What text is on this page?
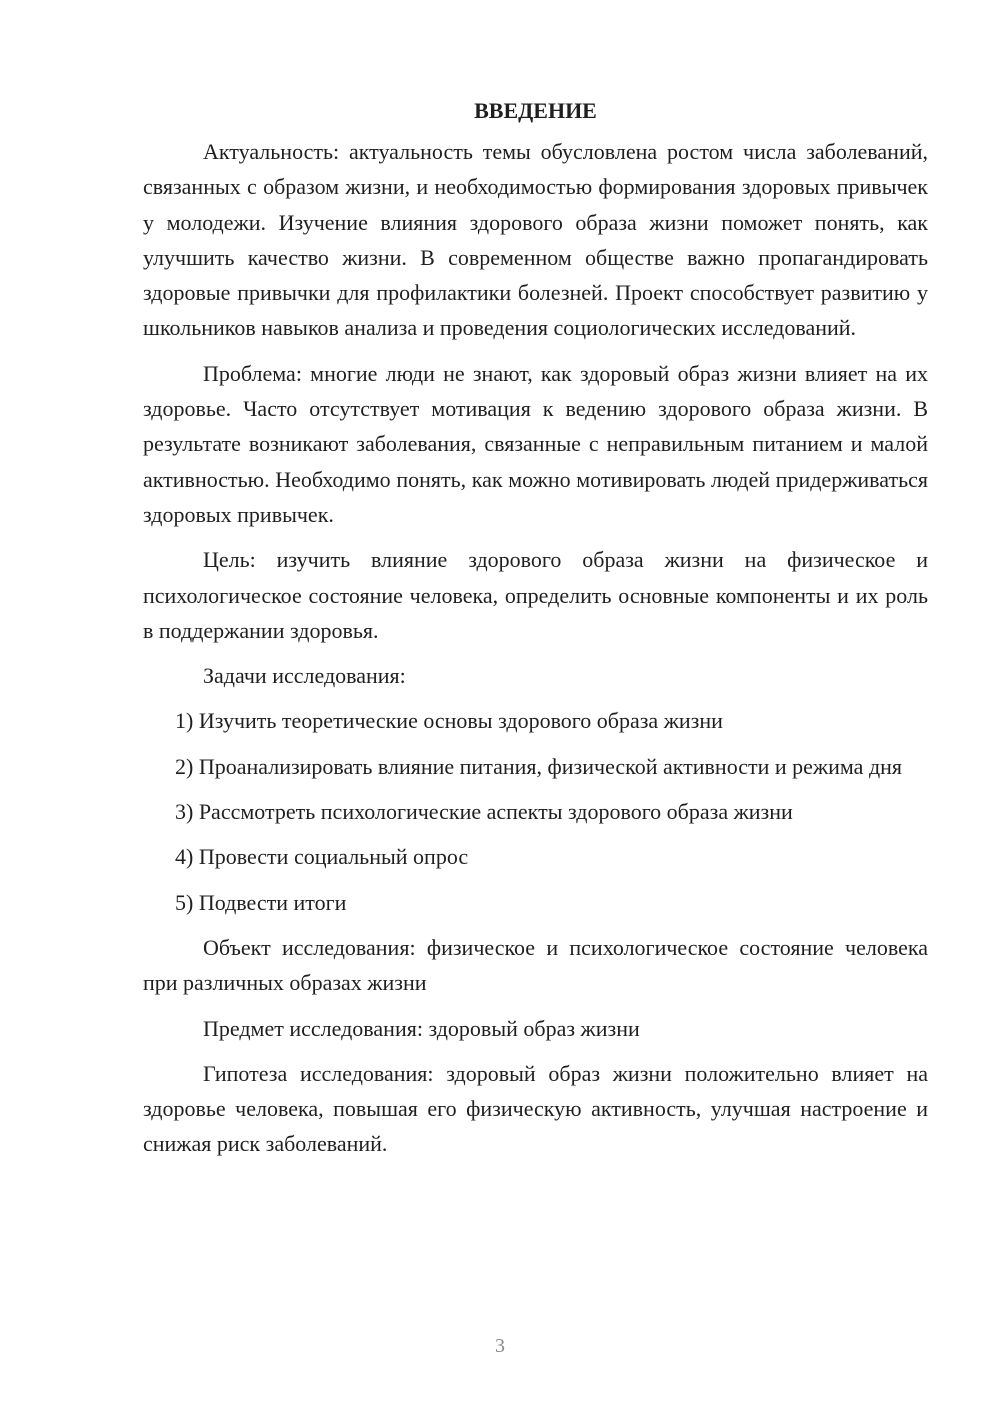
ВВЕДЕНИЕ

Актуальность: актуальность темы обусловлена ростом числа заболеваний, связанных с образом жизни, и необходимостью формирования здоровых привычек у молодежи. Изучение влияния здорового образа жизни поможет понять, как улучшить качество жизни. В современном обществе важно пропагандировать здоровые привычки для профилактики болезней. Проект способствует развитию у школьников навыков анализа и проведения социологических исследований.

Проблема: многие люди не знают, как здоровый образ жизни влияет на их здоровье. Часто отсутствует мотивация к ведению здорового образа жизни. В результате возникают заболевания, связанные с неправильным питанием и малой активностью. Необходимо понять, как можно мотивировать людей придерживаться здоровых привычек.

Цель: изучить влияние здорового образа жизни на физическое и психологическое состояние человека, определить основные компоненты и их роль в поддержании здоровья.

Задачи исследования:

1) Изучить теоретические основы здорового образа жизни

2) Проанализировать влияние питания, физической активности и режима дня

3) Рассмотреть психологические аспекты здорового образа жизни

4) Провести социальный опрос

5) Подвести итоги

Объект исследования: физическое и психологическое состояние человека при различных образах жизни

Предмет исследования: здоровый образ жизни

Гипотеза исследования: здоровый образ жизни положительно влияет на здоровье человека, повышая его физическую активность, улучшая настроение и снижая риск заболеваний.

3
